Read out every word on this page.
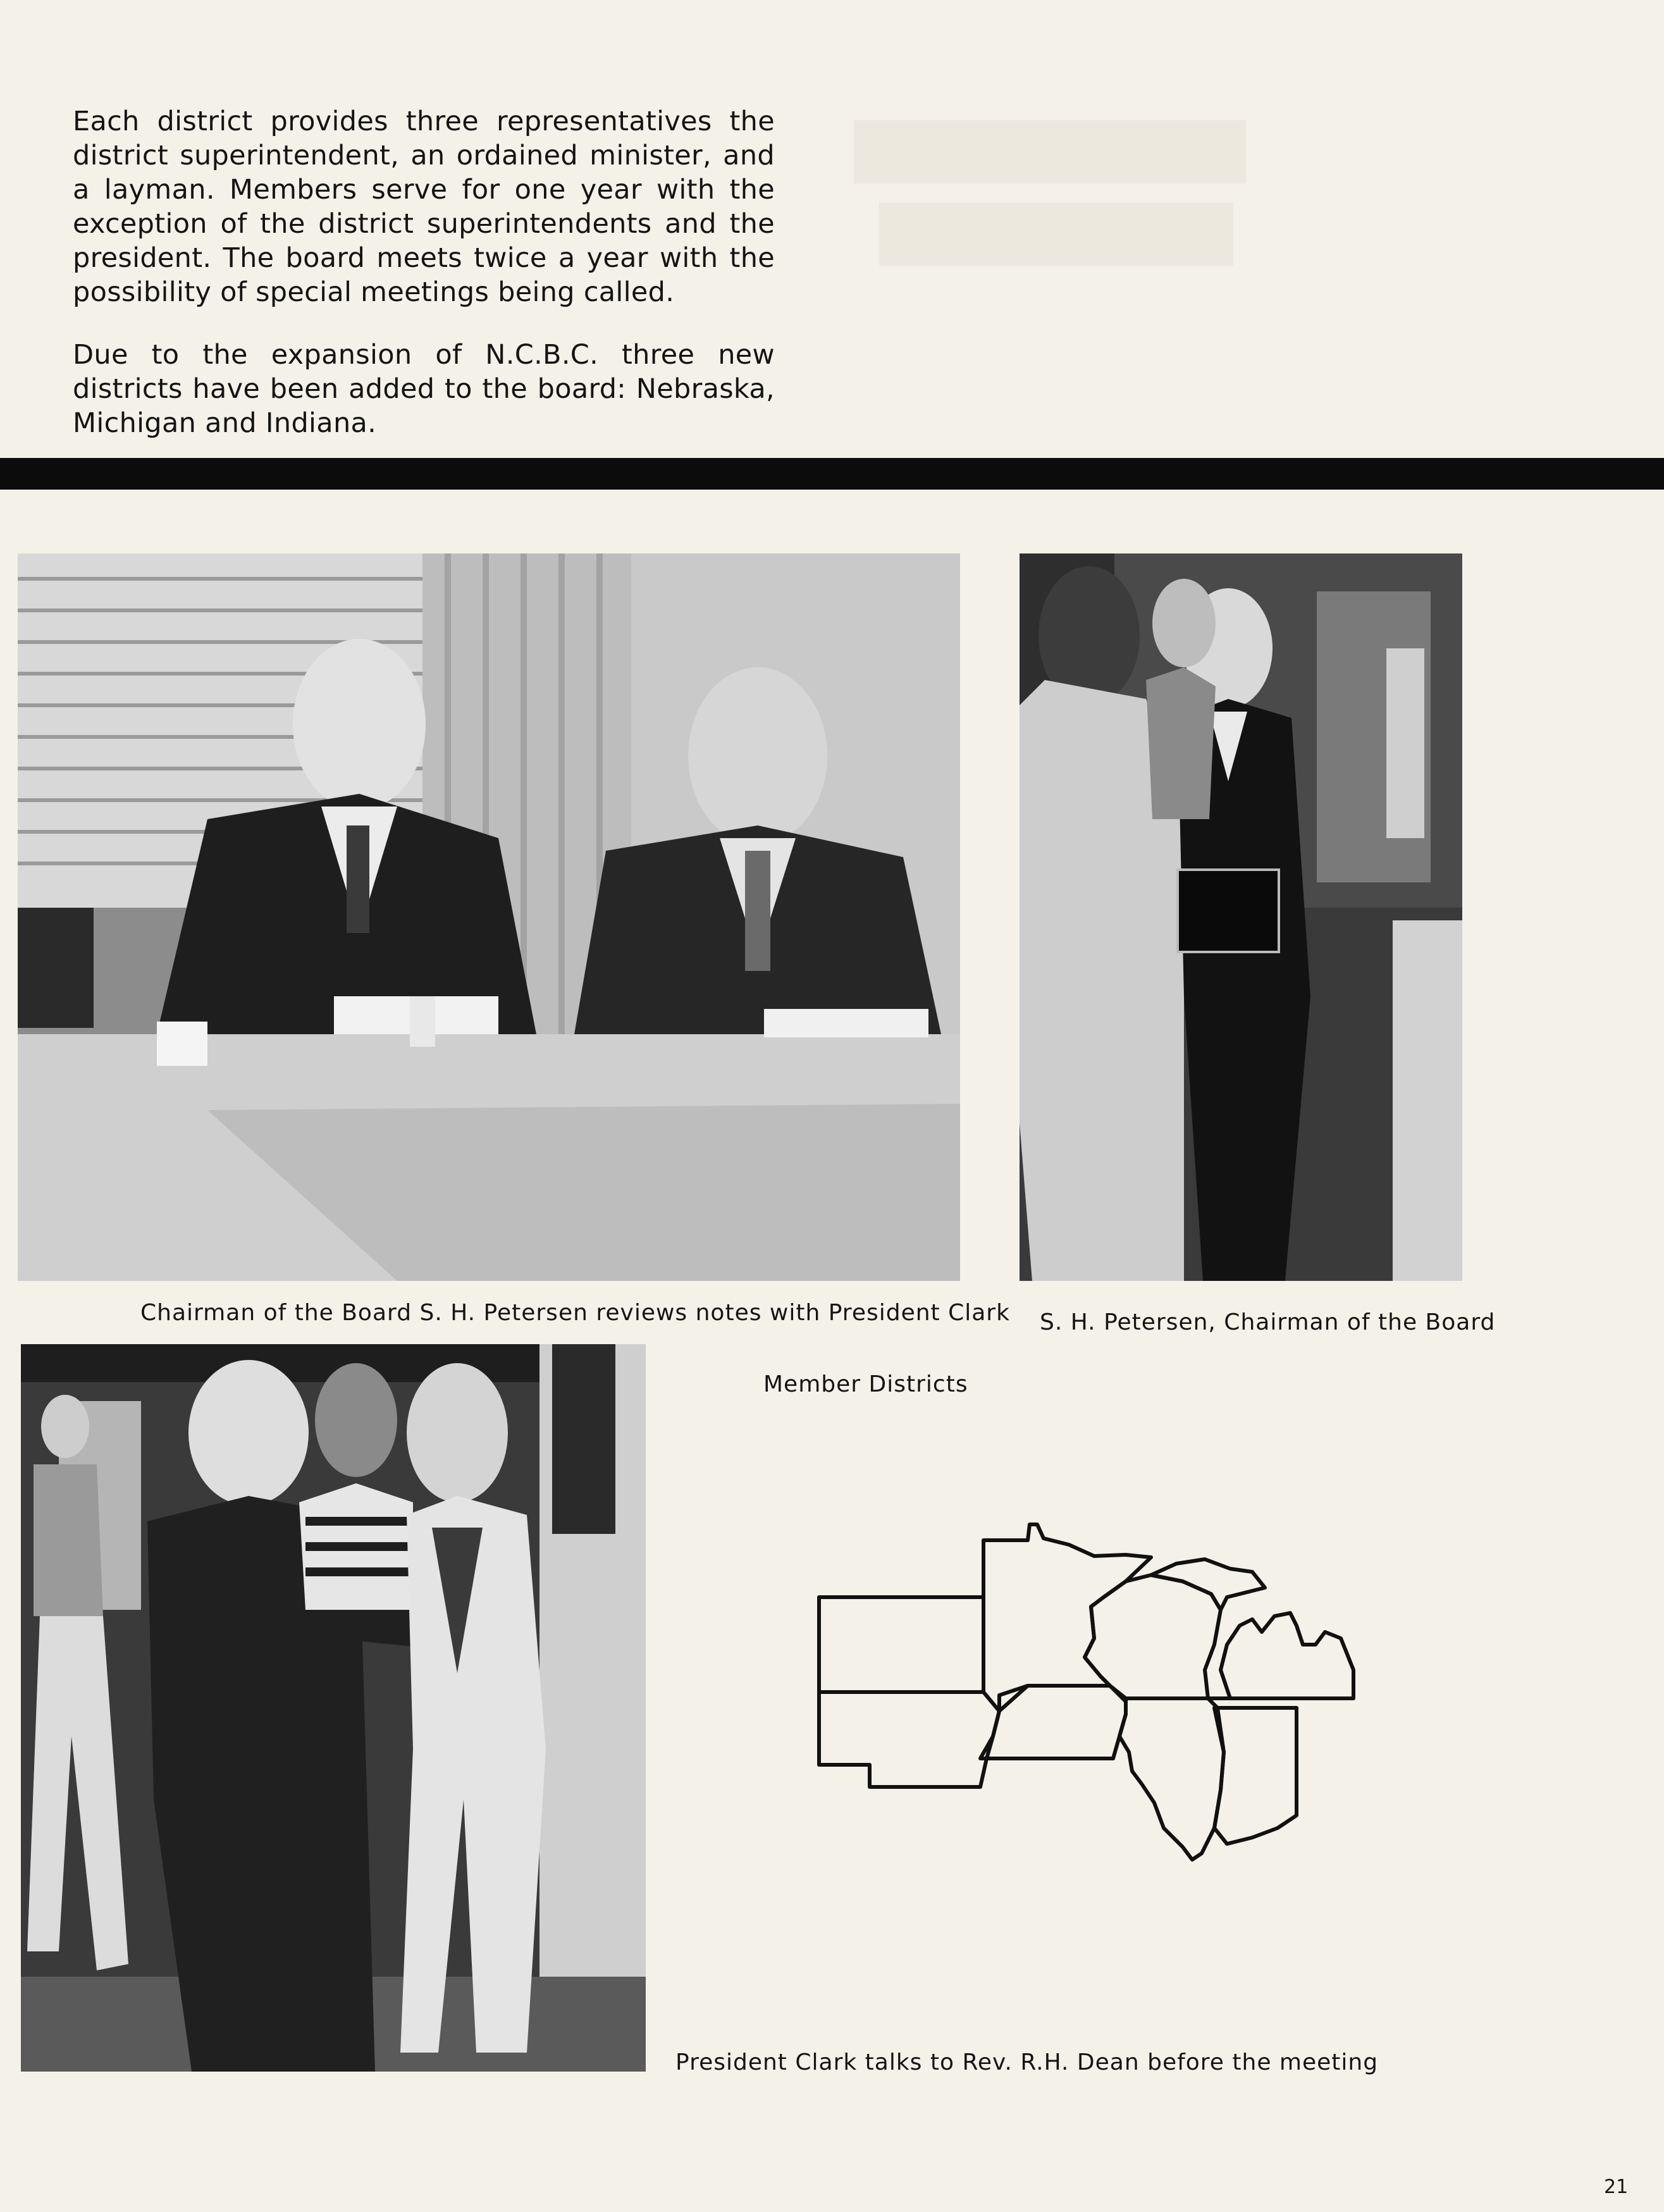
Each district provides three representatives the district superintendent, an ordained minister, and a layman. Members serve for one year with the exception of the district superintendents and the president. The board meets twice a year with the possibility of special meetings being called.

Due to the expansion of N.C.B.C. three new districts have been added to the board: Nebraska, Michigan and Indiana.

Chairman of the Board S. H. Petersen reviews notes with President Clark S. H. Petersen, Chairman of the Board
Member Districts
President Clark talks to Rev. R.H. Dean before the meeting
21
